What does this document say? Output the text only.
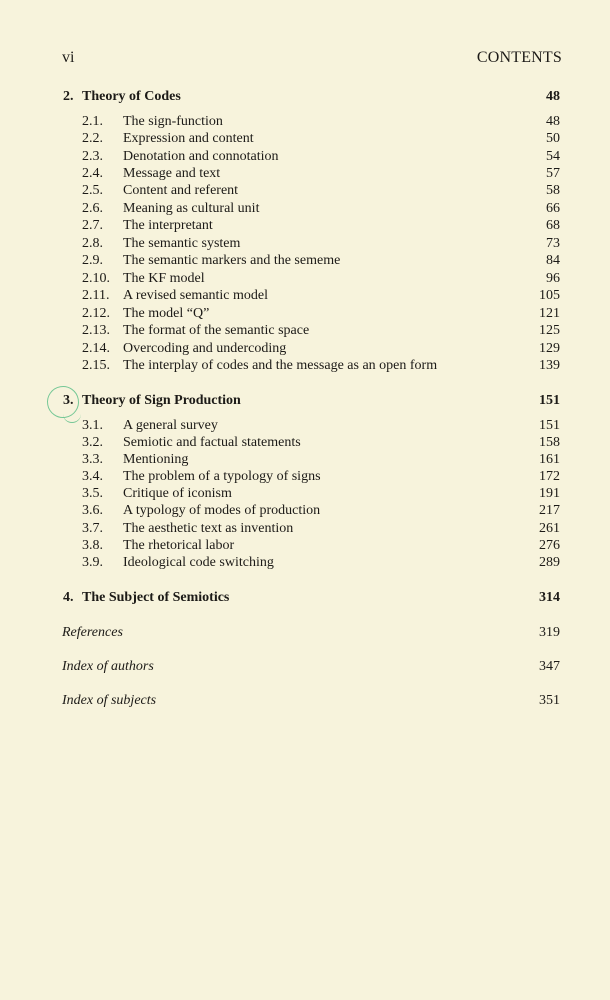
vi	CONTENTS
2. Theory of Codes	48
2.1. The sign-function	48
2.2. Expression and content	50
2.3. Denotation and connotation	54
2.4. Message and text	57
2.5. Content and referent	58
2.6. Meaning as cultural unit	66
2.7. The interpretant	68
2.8. The semantic system	73
2.9. The semantic markers and the sememe	84
2.10. The KF model	96
2.11. A revised semantic model	105
2.12. The model “Q”	121
2.13. The format of the semantic space	125
2.14. Overcoding and undercoding	129
2.15. The interplay of codes and the message as an open form	139
3. Theory of Sign Production	151
3.1. A general survey	151
3.2. Semiotic and factual statements	158
3.3. Mentioning	161
3.4. The problem of a typology of signs	172
3.5. Critique of iconism	191
3.6. A typology of modes of production	217
3.7. The aesthetic text as invention	261
3.8. The rhetorical labor	276
3.9. Ideological code switching	289
4. The Subject of Semiotics	314
References	319
Index of authors	347
Index of subjects	351
